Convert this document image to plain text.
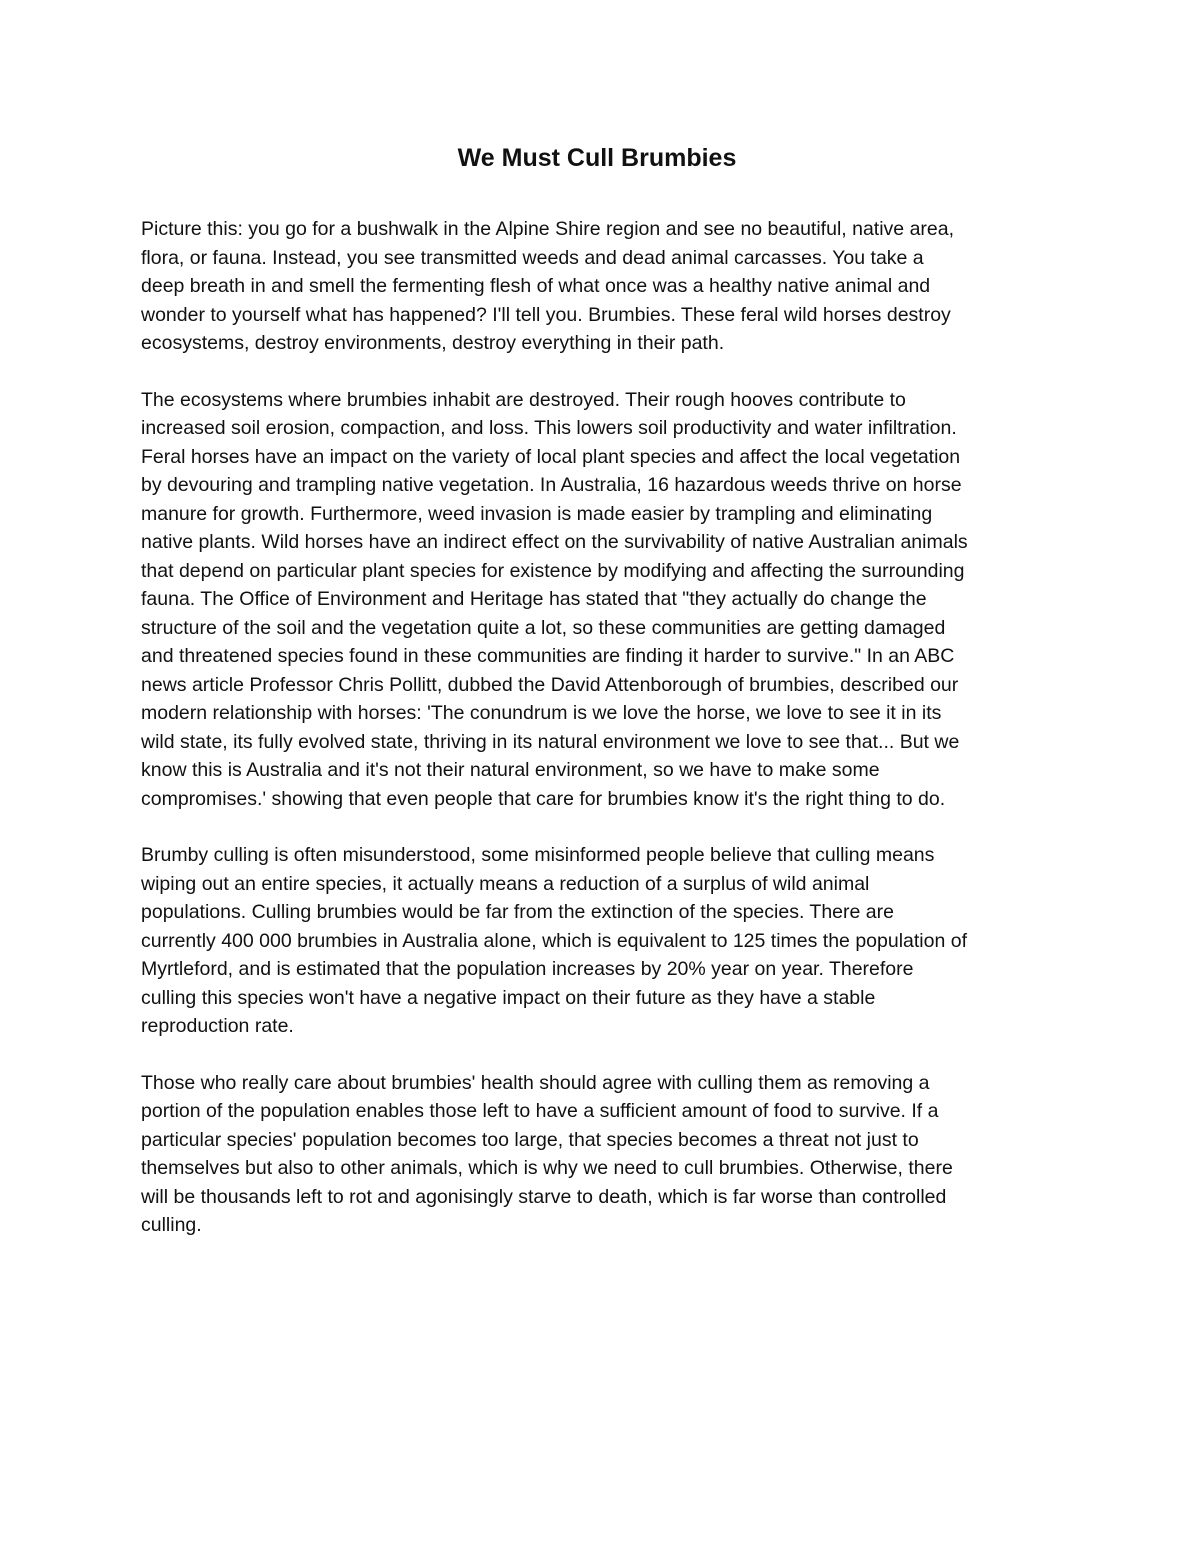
We Must Cull Brumbies

Picture this: you go for a bushwalk in the Alpine Shire region and see no beautiful, native area,
flora, or fauna. Instead, you see transmitted weeds and dead animal carcasses. You take a
deep breath in and smell the fermenting flesh of what once was a healthy native animal and
wonder to yourself what has happened? I'll tell you. Brumbies. These feral wild horses destroy
ecosystems, destroy environments, destroy everything in their path.

The ecosystems where brumbies inhabit are destroyed. Their rough hooves contribute to
increased soil erosion, compaction, and loss. This lowers soil productivity and water infiltration.
Feral horses have an impact on the variety of local plant species and affect the local vegetation
by devouring and trampling native vegetation. In Australia, 16 hazardous weeds thrive on horse
manure for growth. Furthermore, weed invasion is made easier by trampling and eliminating
native plants. Wild horses have an indirect effect on the survivability of native Australian animals
that depend on particular plant species for existence by modifying and affecting the surrounding
fauna. The Office of Environment and Heritage has stated that "they actually do change the
structure of the soil and the vegetation quite a lot, so these communities are getting damaged
and threatened species found in these communities are finding it harder to survive." In an ABC
news article Professor Chris Pollitt, dubbed the David Attenborough of brumbies, described our
modern relationship with horses: 'The conundrum is we love the horse, we love to see it in its
wild state, its fully evolved state, thriving in its natural environment we love to see that... But we
know this is Australia and it's not their natural environment, so we have to make some
compromises.' showing that even people that care for brumbies know it's the right thing to do.

Brumby culling is often misunderstood, some misinformed people believe that culling means
wiping out an entire species, it actually means a reduction of a surplus of wild animal
populations. Culling brumbies would be far from the extinction of the species. There are
currently 400 000 brumbies in Australia alone, which is equivalent to 125 times the population of
Myrtleford, and is estimated that the population increases by 20% year on year. Therefore
culling this species won't have a negative impact on their future as they have a stable
reproduction rate.

Those who really care about brumbies' health should agree with culling them as removing a
portion of the population enables those left to have a sufficient amount of food to survive. If a
particular species' population becomes too large, that species becomes a threat not just to
themselves but also to other animals, which is why we need to cull brumbies. Otherwise, there
will be thousands left to rot and agonisingly starve to death, which is far worse than controlled
culling.
